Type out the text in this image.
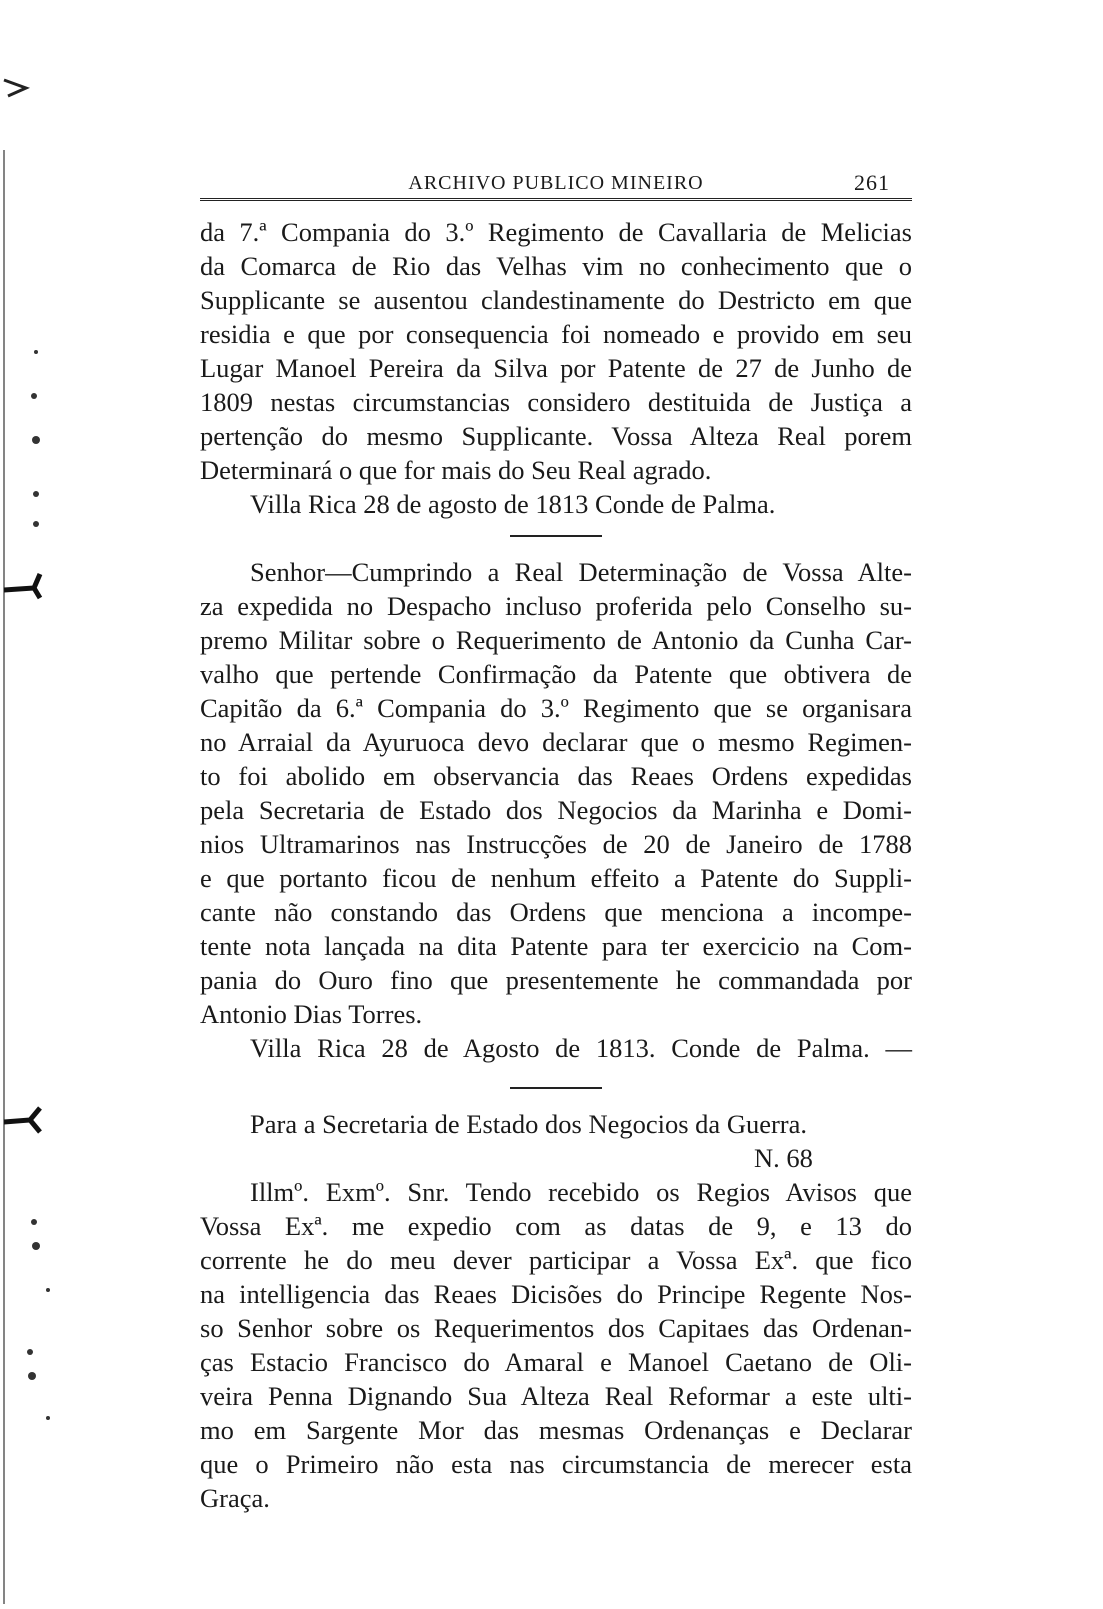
ARCHIVO PUBLICO MINEIRO	261
da 7.ª Compania do 3.º Regimento de Cavallaria de Melicias
da Comarca de Rio das Velhas vim no conhecimento que o
Supplicante se ausentou clandestinamente do Destricto em que
residia e que por consequencia foi nomeado e provido em seu
Lugar Manoel Pereira da Silva por Patente de 27 de Junho de
1809 nestas circumstancias considero destituida de Justiça a
pertenção do mesmo Supplicante. Vossa Alteza Real porem
Determinará o que for mais do Seu Real agrado.
Villa Rica 28 de agosto de 1813 Conde de Palma.
Senhor—Cumprindo a Real Determinação de Vossa Alte-
za expedida no Despacho incluso proferida pelo Conselho su-
premo Militar sobre o Requerimento de Antonio da Cunha Car-
valho que pertende Confirmação da Patente que obtivera de
Capitão da 6.ª Compania do 3.º Regimento que se organisara
no Arraial da Ayuruoca devo declarar que o mesmo Regimen-
to foi abolido em observancia das Reaes Ordens expedidas
pela Secretaria de Estado dos Negocios da Marinha e Domi-
nios Ultramarinos nas Instrucções de 20 de Janeiro de 1788
e que portanto ficou de nenhum effeito a Patente do Suppli-
cante não constando das Ordens que menciona a incompe-
tente nota lançada na dita Patente para ter exercicio na Com-
pania do Ouro fino que presentemente he commandada por
Antonio Dias Torres.
Villa Rica 28 de Agosto de 1813. Conde de Palma. —
Para a Secretaria de Estado dos Negocios da Guerra.
N. 68
Illmº. Exmº. Snr. Tendo recebido os Regios Avisos que
Vossa Exª. me expedio com as datas de 9, e 13 do
corrente he do meu dever participar a Vossa Exª. que fico
na intelligencia das Reaes Dicisões do Principe Regente Nos-
so Senhor sobre os Requerimentos dos Capitaes das Ordenan-
ças Estacio Francisco do Amaral e Manoel Caetano de Oli-
veira Penna Dignando Sua Alteza Real Reformar a este ulti-
mo em Sargente Mor das mesmas Ordenanças e Declarar
que o Primeiro não esta nas circumstancia de merecer esta
Graça.
